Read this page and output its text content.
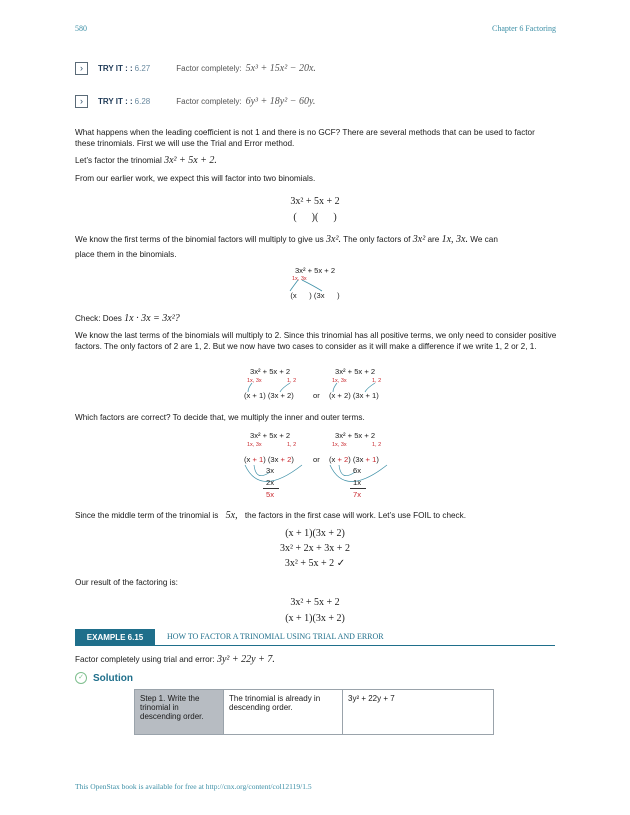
580	Chapter 6 Factoring
›	TRY IT : : 6.27	Factor completely: 5x³ + 15x² − 20x.
›	TRY IT : : 6.28	Factor completely: 6y³ + 18y² − 60y.
What happens when the leading coefficient is not 1 and there is no GCF? There are several methods that can be used to factor these trinomials. First we will use the Trial and Error method.
Let’s factor the trinomial 3x² + 5x + 2.
From our earlier work, we expect this will factor into two binomials.
3x² + 5x + 2
(      )(      )
We know the first terms of the binomial factors will multiply to give us 3x². The only factors of 3x² are 1x, 3x. We can
place them in the binomials.
3x² + 5x + 2
1x, 3x
(x      ) (3x      )
Check: Does 1x · 3x = 3x²?
We know the last terms of the binomials will multiply to 2. Since this trinomial has all positive terms, we only need to consider positive factors. The only factors of 2 are 1, 2. But we now have two cases to consider as it will make a difference if we write 1, 2 or 2, 1.
3x² + 5x + 2
1x, 3x	1, 2
(x + 1) (3x + 2)	or
3x² + 5x + 2
1x, 3x	1, 2
(x + 2) (3x + 1)
Which factors are correct? To decide that, we multiply the inner and outer terms.
3x² + 5x + 2
1x, 3x	1, 2
(x + 1) (3x + 2)
3x
2x
5x
or
3x² + 5x + 2
1x, 3x	1, 2
(x + 2) (3x + 1)
6x
1x
7x
Since the middle term of the trinomial is 5x, the factors in the first case will work. Let’s use FOIL to check.
(x + 1)(3x + 2)
3x² + 2x + 3x + 2
3x² + 5x + 2 ✓
Our result of the factoring is:
3x² + 5x + 2
(x + 1)(3x + 2)
EXAMPLE 6.15	HOW TO FACTOR A TRINOMIAL USING TRIAL AND ERROR
Factor completely using trial and error: 3y² + 22y + 7.
✓ Solution
Step 1. Write the trinomial in descending order.	The trinomial is already in descending order.	3y² + 22y + 7
This OpenStax book is available for free at http://cnx.org/content/col12119/1.5
